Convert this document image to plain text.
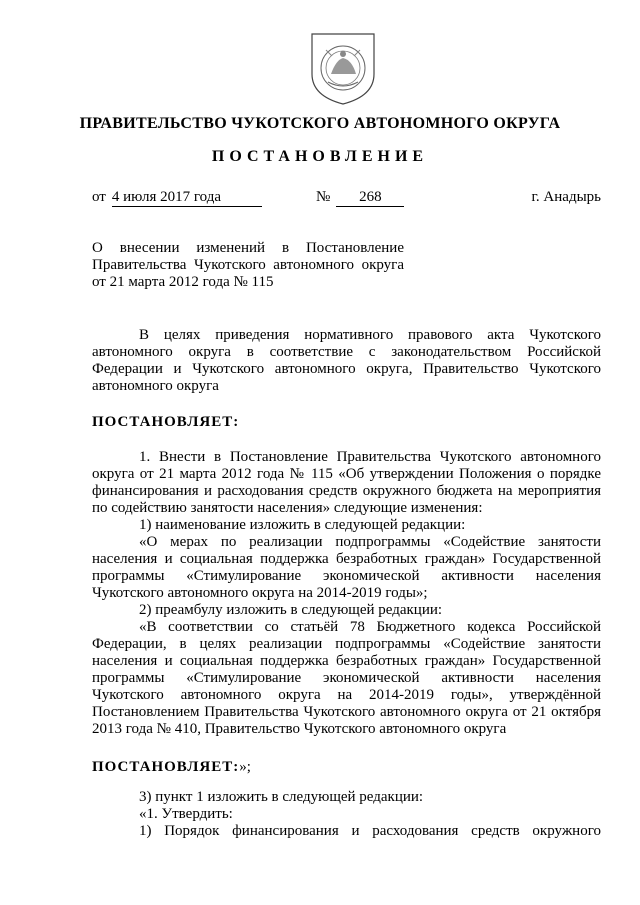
ПРАВИТЕЛЬСТВО ЧУКОТСКОГО АВТОНОМНОГО ОКРУГА
ПОСТАНОВЛЕНИЕ
от 4 июля 2017 года	№ 268	г. Анадырь
О внесении изменений в Постановление
Правительства Чукотского автономного округа
от 21 марта 2012 года № 115
В целях приведения нормативного правового акта Чукотского автономного округа в соответствие с законодательством Российской Федерации и Чукотского автономного округа, Правительство Чукотского автономного округа
ПОСТАНОВЛЯЕТ:

1. Внести в Постановление Правительства Чукотского автономного округа от 21 марта 2012 года № 115 «Об утверждении Положения о порядке финансирования и расходования средств окружного бюджета на мероприятия по содействию занятости населения» следующие изменения:

1) наименование изложить в следующей редакции:

«О мерах по реализации подпрограммы «Содействие занятости населения и социальная поддержка безработных граждан» Государственной программы «Стимулирование экономической активности населения Чукотского автономного округа на 2014-2019 годы»;

2) преамбулу изложить в следующей редакции:

«В соответствии со статьёй 78 Бюджетного кодекса Российской Федерации, в целях реализации подпрограммы «Содействие занятости населения и социальная поддержка безработных граждан» Государственной программы «Стимулирование экономической активности населения Чукотского автономного округа на 2014-2019 годы», утверждённой Постановлением Правительства Чукотского автономного округа от 21 октября 2013 года № 410, Правительство Чукотского автономного округа

ПОСТАНОВЛЯЕТ:»;

3) пункт 1 изложить в следующей редакции:

«1. Утвердить:

1) Порядок финансирования и расходования средств окружного
